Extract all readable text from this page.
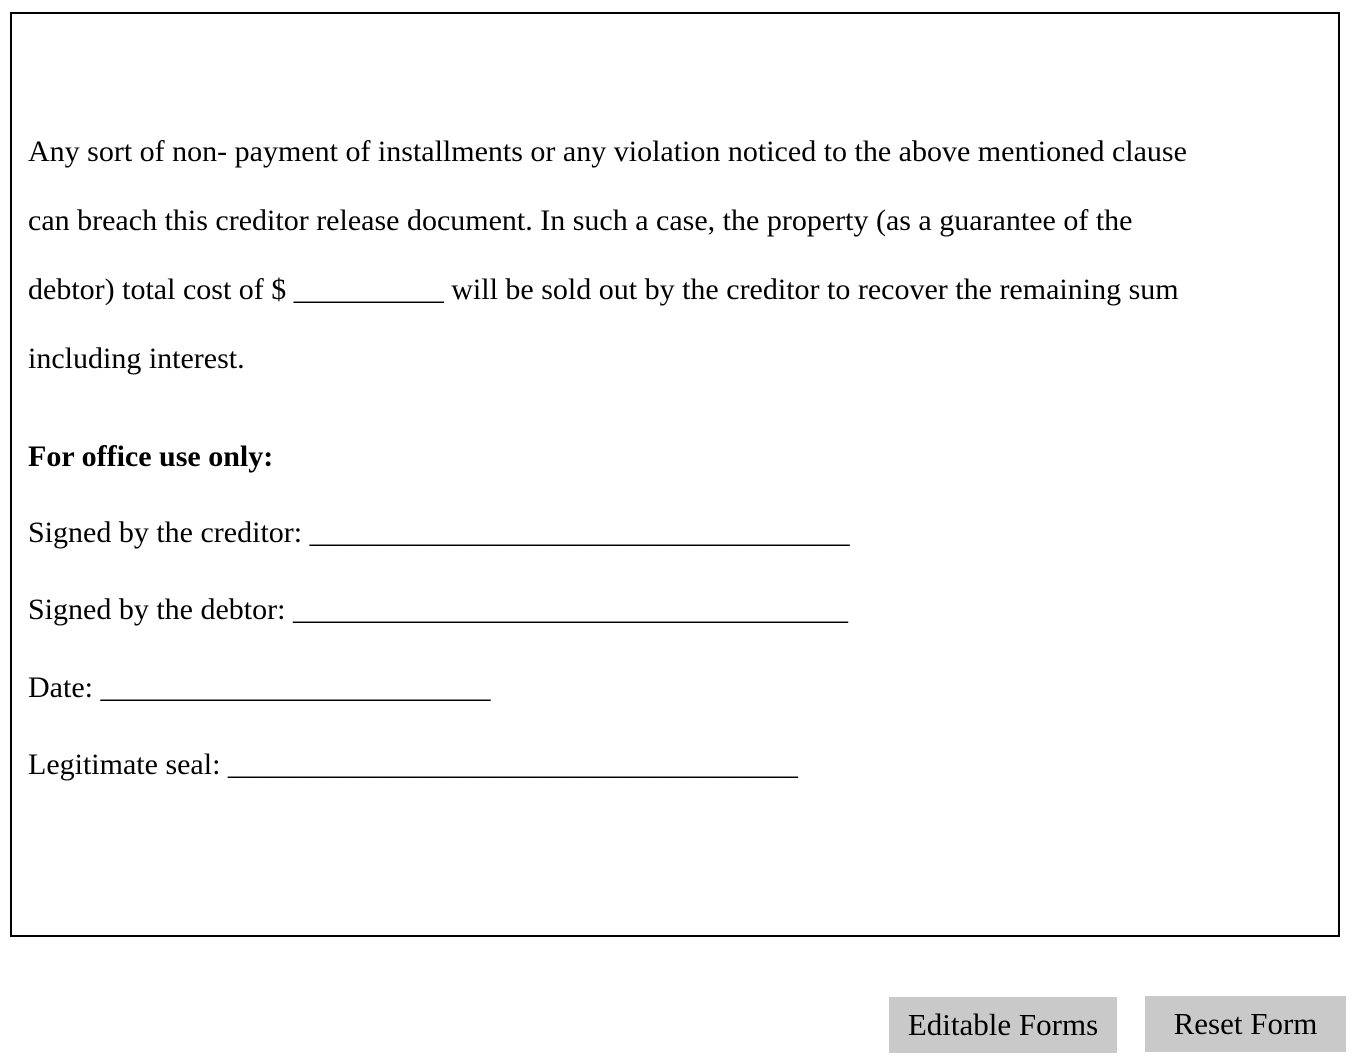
Any sort of non- payment of installments or any violation noticed to the above mentioned clause
can breach this creditor release document. In such a case, the property (as a guarantee of the
debtor) total cost of $ __________ will be sold out by the creditor to recover the remaining sum
including interest.

For office use only:

Signed by the creditor: ____________________________________

Signed by the debtor: _____________________________________

Date: __________________________

Legitimate seal: ______________________________________

Editable Forms	Reset Form
